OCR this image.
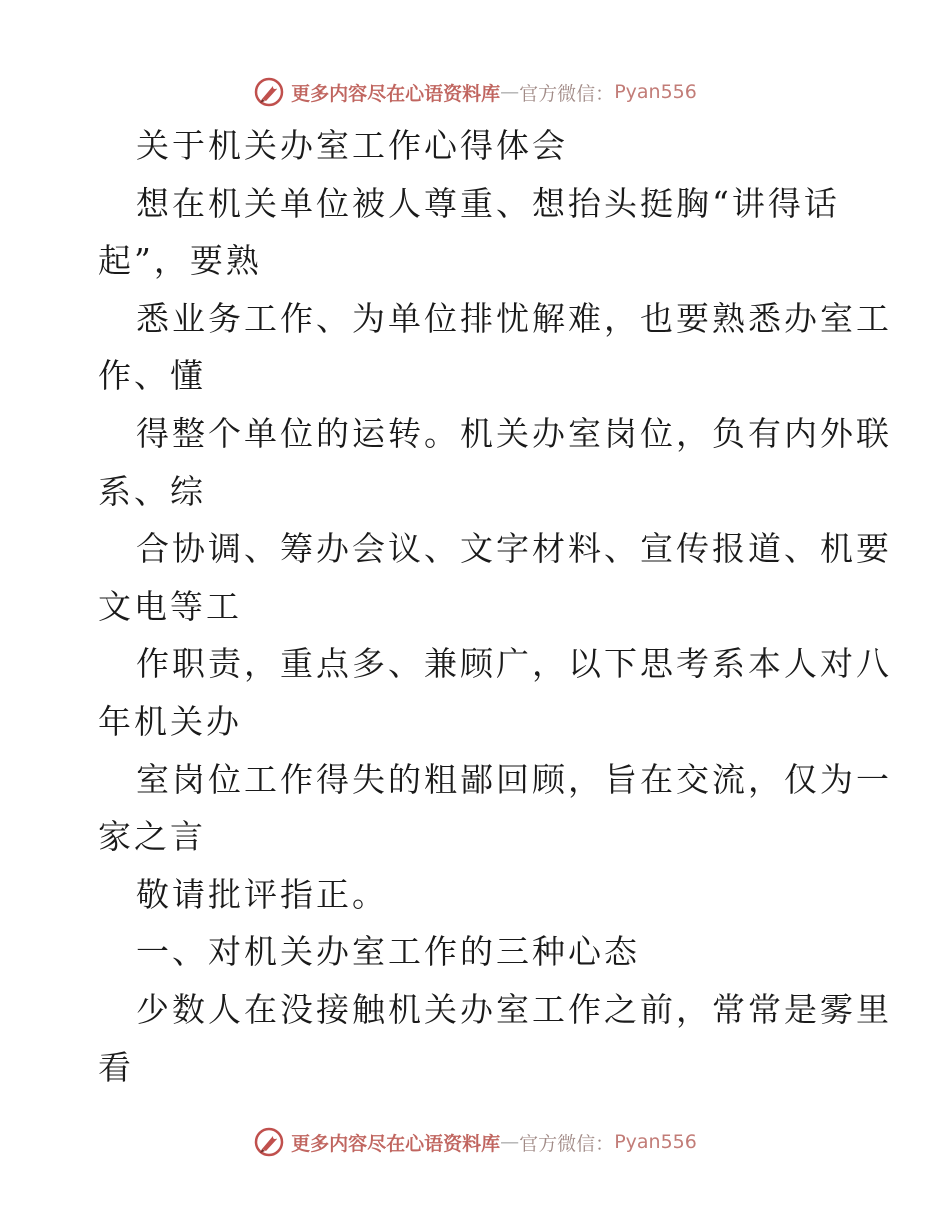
更多内容尽在心语资料库 — 官方微信： Pyan556
关于机关办室工作心得体会
想在机关单位被人尊重、想抬头挺胸“讲得话
起”，要熟
悉业务工作、为单位排忧解难，也要熟悉办室工
作、懂
得整个单位的运转。机关办室岗位，负有内外联
系、综
合协调、筹办会议、文字材料、宣传报道、机要
文电等工
作职责，重点多、兼顾广，以下思考系本人对八
年机关办
室岗位工作得失的粗鄙回顾，旨在交流，仅为一
家之言
敬请批评指正。
一、对机关办室工作的三种心态
少数人在没接触机关办室工作之前，常常是雾里
看
更多内容尽在心语资料库 — 官方微信： Pyan556
